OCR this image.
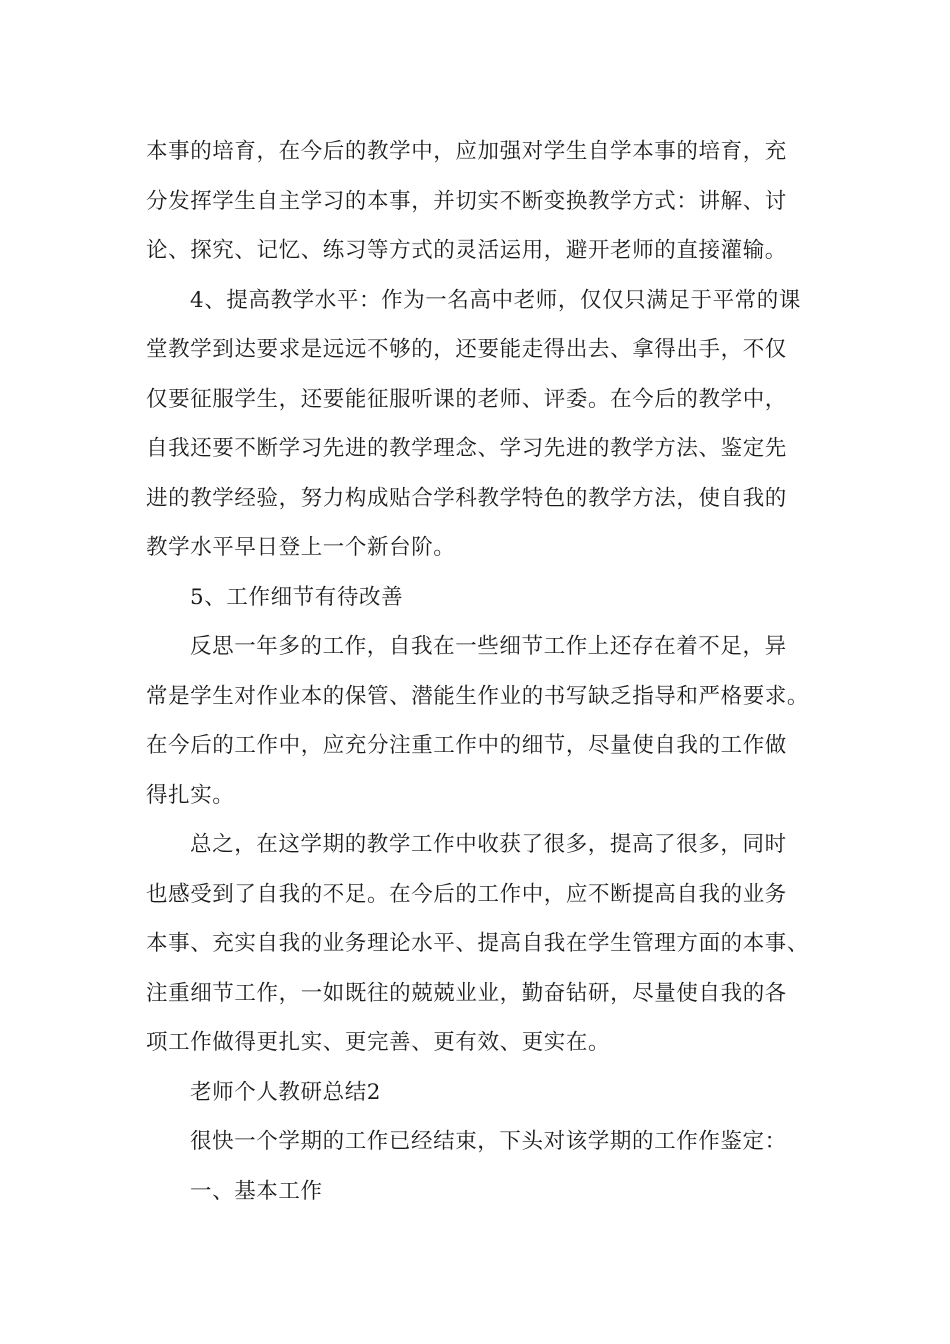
本事的培育，在今后的教学中，应加强对学生自学本事的培育，充

分发挥学生自主学习的本事，并切实不断变换教学方式：讲解、讨

论、探究、记忆、练习等方式的灵活运用，避开老师的直接灌输。

4、提高教学水平：作为一名高中老师，仅仅只满足于平常的课

堂教学到达要求是远远不够的，还要能走得出去、拿得出手，不仅

仅要征服学生，还要能征服听课的老师、评委。在今后的教学中，

自我还要不断学习先进的教学理念、学习先进的教学方法、鉴定先

进的教学经验，努力构成贴合学科教学特色的教学方法，使自我的

教学水平早日登上一个新台阶。

5、工作细节有待改善

反思一年多的工作，自我在一些细节工作上还存在着不足，异

常是学生对作业本的保管、潜能生作业的书写缺乏指导和严格要求。

在今后的工作中，应充分注重工作中的细节，尽量使自我的工作做

得扎实。

总之，在这学期的教学工作中收获了很多，提高了很多，同时

也感受到了自我的不足。在今后的工作中，应不断提高自我的业务

本事、充实自我的业务理论水平、提高自我在学生管理方面的本事、

注重细节工作，一如既往的兢兢业业，勤奋钻研，尽量使自我的各

项工作做得更扎实、更完善、更有效、更实在。

老师个人教研总结2

很快一个学期的工作已经结束，下头对该学期的工作作鉴定：

一、基本工作
